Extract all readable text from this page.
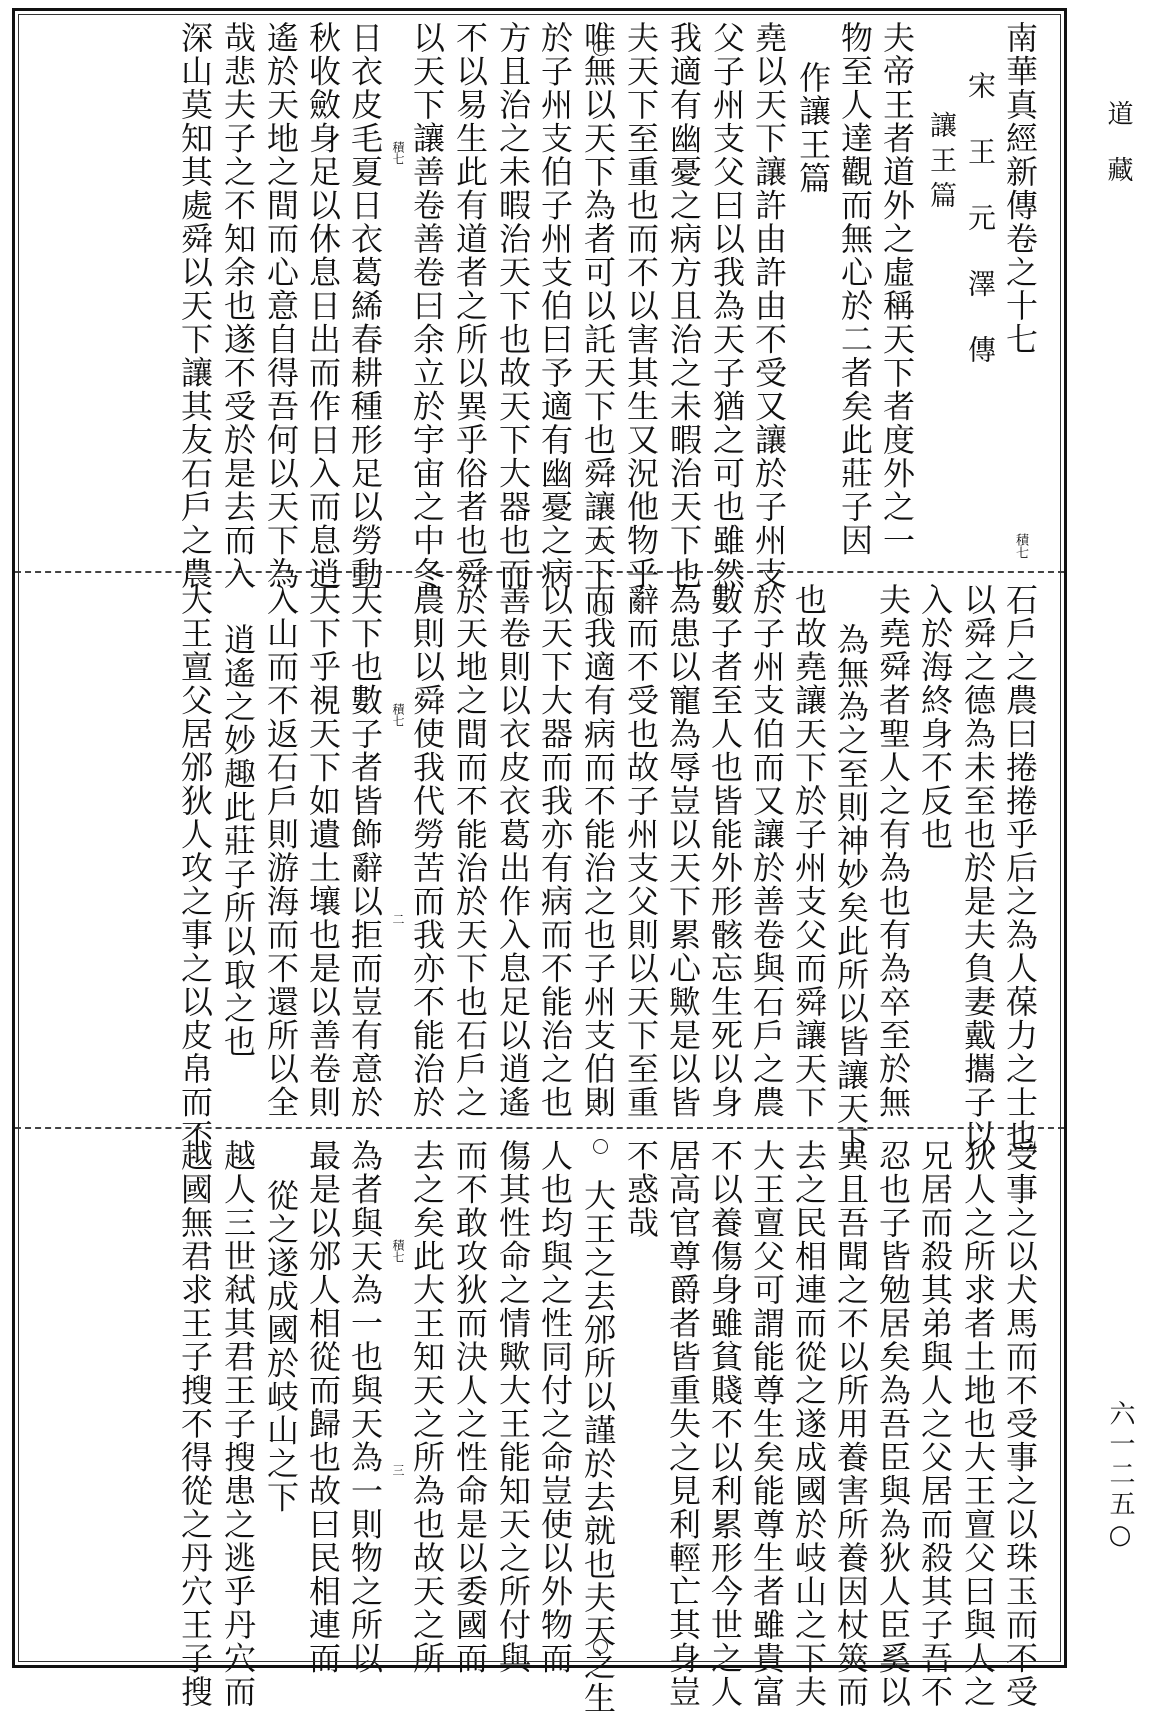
道藏
六一二五○
南華真經新傳卷之十七
積七
宋王元澤傳
讓王篇
夫帝王者道外之虛稱天下者度外之一
物至人達觀而無心於二者矣此莊子因
作讓王篇
堯以天下讓許由許由不受又讓於子州支
父子州支父曰以我為天子猶之可也雖然
我適有幽憂之病方且治之未暇治天下也
夫天下至重也而不以害其生又況他物乎
唯無以天下為者可以託天下也舜讓天下
於子州支伯子州支伯曰予適有幽憂之病
方且治之未暇治天下也故天下大器也而
不以易生此有道者之所以異乎俗者也舜
以天下讓善卷善卷曰余立於宇宙之中冬
積七
日衣皮毛夏日衣葛絺春耕種形足以勞動
秋收斂身足以休息日出而作日入而息逍
遙於天地之間而心意自得吾何以天下為
哉悲夫子之不知余也遂不受於是去而入
深山莫知其處舜以天下讓其友石戶之農
石戶之農曰捲捲乎后之為人葆力之士也
以舜之德為未至也於是夫負妻戴攜子以
入於海終身不反也
夫堯舜者聖人之有為也有為卒至於無
為無為之至則神妙矣此所以皆讓天下
也故堯讓天下於子州支父而舜讓天下
於子州支伯而又讓於善卷與石戶之農
數子者至人也皆能外形骸忘生死以身
為患以寵為辱豈以天下累心歟是以皆
辭而不受也故子州支父則以天下至重
而我適有病而不能治之也子州支伯則
以天下大器而我亦有病而不能治之也
善卷則以衣皮衣葛出作入息足以逍遙
於天地之間而不能治於天下也石戶之
農則以舜使我代勞苦而我亦不能治於
積七
二
天下也數子者皆飾辭以拒而豈有意於
天下乎視天下如遺土壤也是以善卷則
入山而不返石戶則游海而不還所以全
逍遙之妙趣此莊子所以取之也
大王亶父居邠狄人攻之事之以皮帛而不
受事之以犬馬而不受事之以珠玉而不受
狄人之所求者土地也大王亶父曰與人之
兄居而殺其弟與人之父居而殺其子吾不
忍也子皆勉居矣為吾臣與為狄人臣奚以
異且吾聞之不以所用養害所養因杖筴而
去之民相連而從之遂成國於岐山之下夫
大王亶父可謂能尊生矣能尊生者雖貴富
不以養傷身雖貧賤不以利累形今世之人
居高官尊爵者皆重失之見利輕亡其身豈
不惑哉
大王之去邠所以謹於去就也夫天之生
人也均與之性同付之命豈使以外物而
傷其性命之情歟大王能知天之所付與
而不敢攻狄而決人之性命是以委國而
去之矣此大王知天之所為也故天之所
積七
三
為者與天為一也與天為一則物之所以
最是以邠人相從而歸也故曰民相連而
從之遂成國於岐山之下
越人三世弒其君王子搜患之逃乎丹穴而
越國無君求王子搜不得從之丹穴王子搜
